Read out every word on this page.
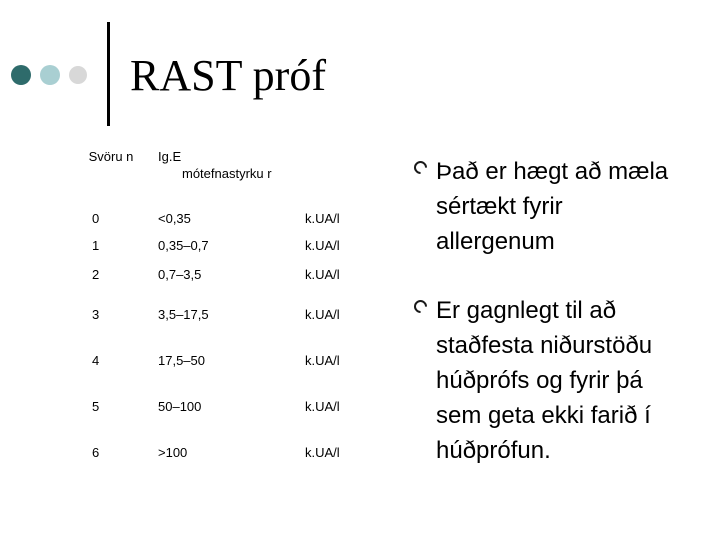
RAST próf
Svöru n	Ig.E
mótefnastyrku r
0	<0,35	k.UA/l
1	0,35–0,7	k.UA/l
2	0,7–3,5	k.UA/l
3	3,5–17,5	k.UA/l
4	17,5–50	k.UA/l
5	50–100	k.UA/l
6	>100	k.UA/l
Það er hægt að mæla sértækt fyrir allergenum
Er gagnlegt til að staðfesta niðurstöðu húðprófs og fyrir þá sem geta ekki farið í húðprófun.
